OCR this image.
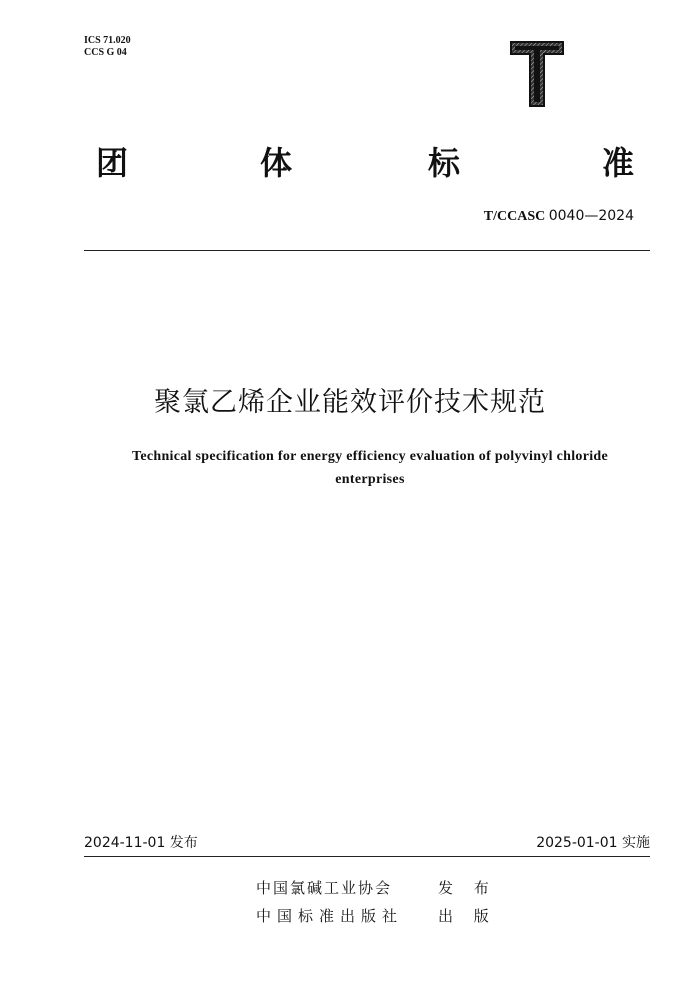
ICS 71.020
CCS G 04
团	体	标	准
T/CCASC 0040—2024
聚氯乙烯企业能效评价技术规范
Technical specification for energy efficiency evaluation of polyvinyl chloride
enterprises
2024-11-01 发布	2025-01-01 实施
中国氯碱工业协会	发 布
中国标准出版社 出 版
